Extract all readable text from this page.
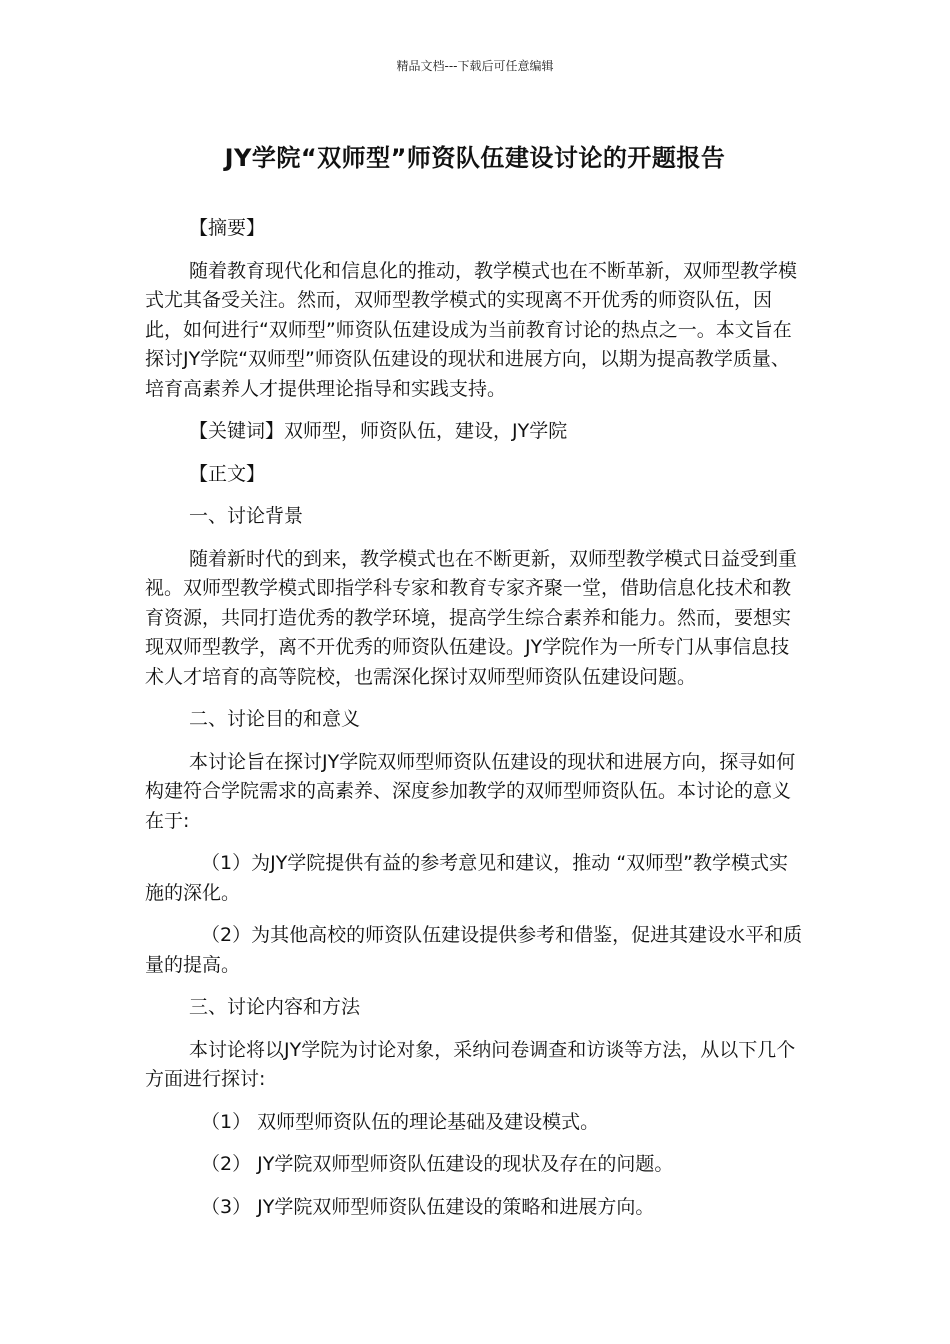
精品文档---下载后可任意编辑
JY学院“双师型”师资队伍建设讨论的开题报告

【摘要】

随着教育现代化和信息化的推动，教学模式也在不断革新，双师型教学模式尤其备受关注。然而，双师型教学模式的实现离不开优秀的师资队伍，因此，如何进行“双师型”师资队伍建设成为当前教育讨论的热点之一。本文旨在探讨JY学院“双师型”师资队伍建设的现状和进展方向，以期为提高教学质量、培育高素养人才提供理论指导和实践支持。

【关键词】双师型，师资队伍，建设，JY学院

【正文】

一、讨论背景

随着新时代的到来，教学模式也在不断更新，双师型教学模式日益受到重视。双师型教学模式即指学科专家和教育专家齐聚一堂，借助信息化技术和教育资源，共同打造优秀的教学环境，提高学生综合素养和能力。然而，要想实现双师型教学，离不开优秀的师资队伍建设。JY学院作为一所专门从事信息技术人才培育的高等院校，也需深化探讨双师型师资队伍建设问题。

二、讨论目的和意义

本讨论旨在探讨JY学院双师型师资队伍建设的现状和进展方向，探寻如何构建符合学院需求的高素养、深度参加教学的双师型师资队伍。本讨论的意义在于:

（1）为JY学院提供有益的参考意见和建议，推动 “双师型”教学模式实施的深化。

（2）为其他高校的师资队伍建设提供参考和借鉴，促进其建设水平和质量的提高。

三、讨论内容和方法

本讨论将以JY学院为讨论对象，采纳问卷调查和访谈等方法，从以下几个方面进行探讨:

（1） 双师型师资队伍的理论基础及建设模式。

（2） JY学院双师型师资队伍建设的现状及存在的问题。

（3） JY学院双师型师资队伍建设的策略和进展方向。
